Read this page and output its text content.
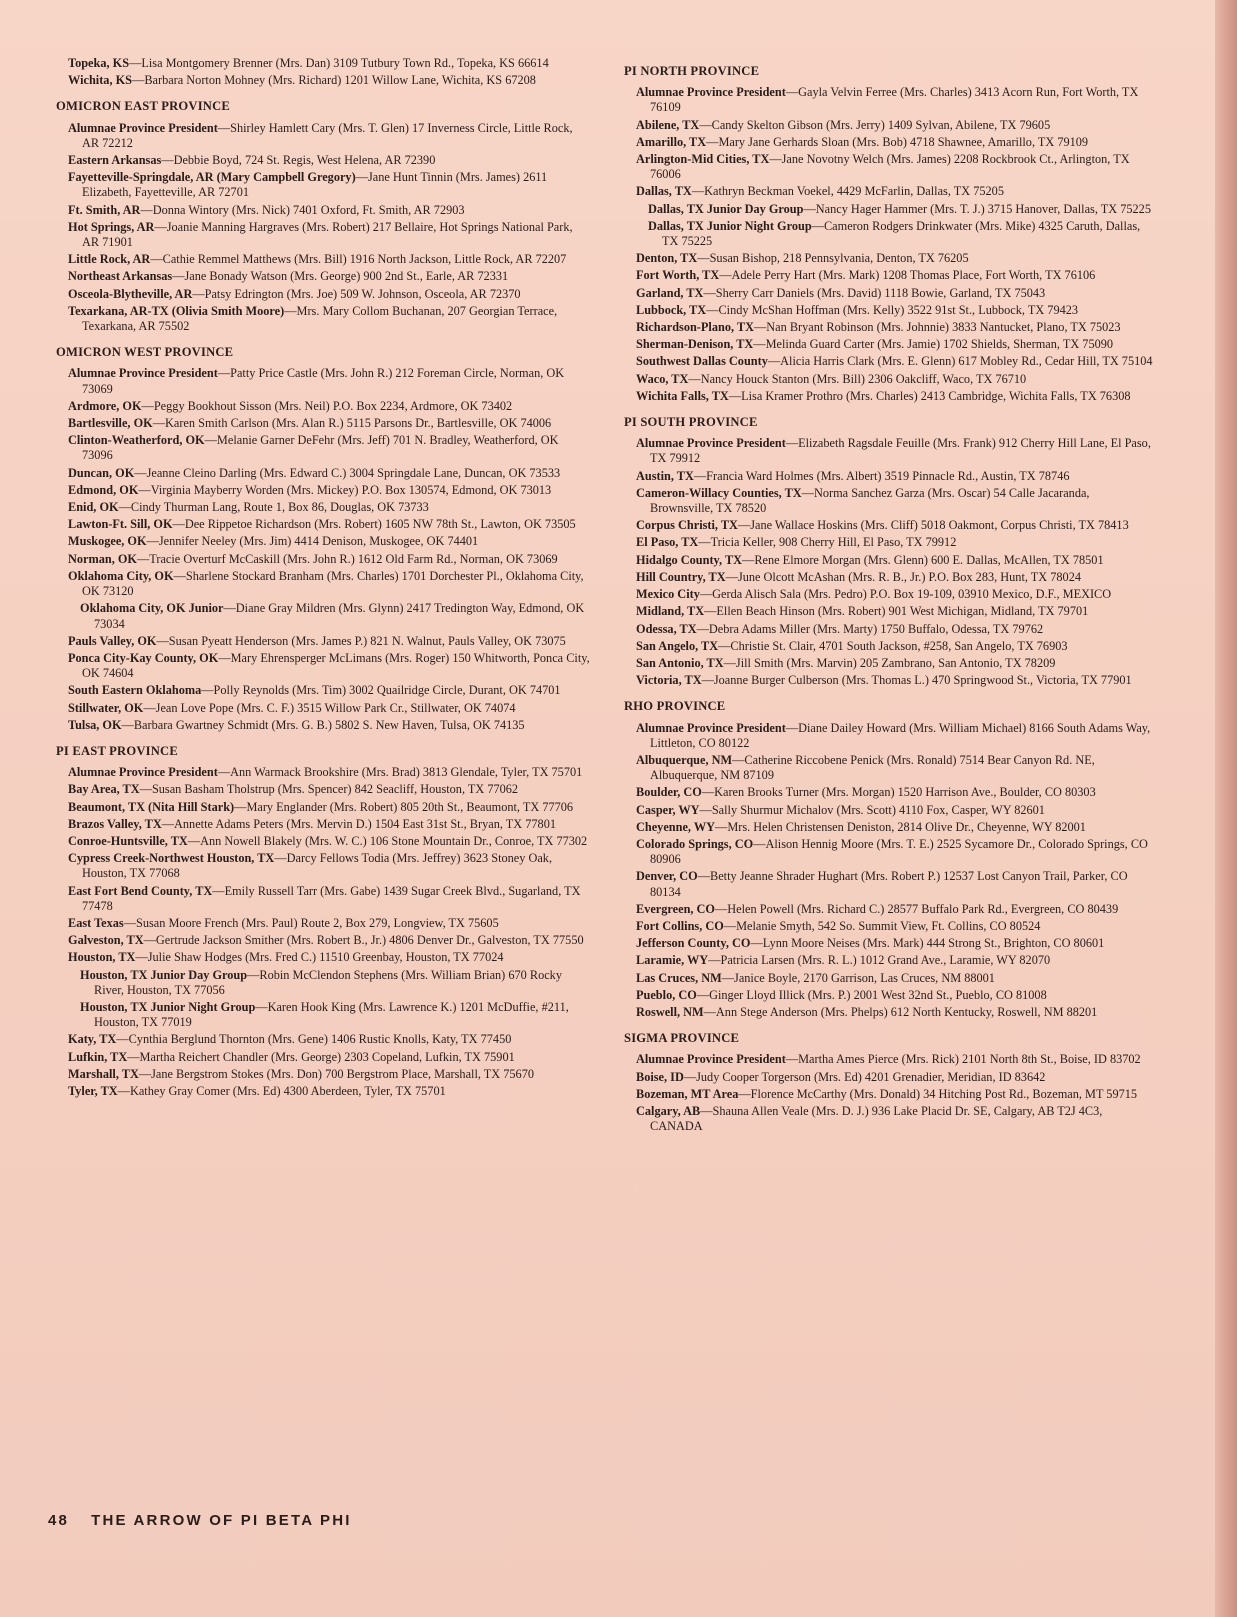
Topeka, KS—Lisa Montgomery Brenner (Mrs. Dan) 3109 Tutbury Town Rd., Topeka, KS 66614
Wichita, KS—Barbara Norton Mohney (Mrs. Richard) 1201 Willow Lane, Wichita, KS 67208
OMICRON EAST PROVINCE
Alumnae Province President—Shirley Hamlett Cary (Mrs. T. Glen) 17 Inverness Circle, Little Rock, AR 72212
Eastern Arkansas—Debbie Boyd, 724 St. Regis, West Helena, AR 72390
Fayetteville-Springdale, AR (Mary Campbell Gregory)—Jane Hunt Tinnin (Mrs. James) 2611 Elizabeth, Fayetteville, AR 72701
Ft. Smith, AR—Donna Wintory (Mrs. Nick) 7401 Oxford, Ft. Smith, AR 72903
Hot Springs, AR—Joanie Manning Hargraves (Mrs. Robert) 217 Bellaire, Hot Springs National Park, AR 71901
Little Rock, AR—Cathie Remmel Matthews (Mrs. Bill) 1916 North Jackson, Little Rock, AR 72207
Northeast Arkansas—Jane Bonady Watson (Mrs. George) 900 2nd St., Earle, AR 72331
Osceola-Blytheville, AR—Patsy Edrington (Mrs. Joe) 509 W. Johnson, Osceola, AR 72370
Texarkana, AR-TX (Olivia Smith Moore)—Mrs. Mary Collom Buchanan, 207 Georgian Terrace, Texarkana, AR 75502
OMICRON WEST PROVINCE
Alumnae Province President—Patty Price Castle (Mrs. John R.) 212 Foreman Circle, Norman, OK 73069
Ardmore, OK—Peggy Bookhout Sisson (Mrs. Neil) P.O. Box 2234, Ardmore, OK 73402
Bartlesville, OK—Karen Smith Carlson (Mrs. Alan R.) 5115 Parsons Dr., Bartlesville, OK 74006
Clinton-Weatherford, OK—Melanie Garner DeFehr (Mrs. Jeff) 701 N. Bradley, Weatherford, OK 73096
Duncan, OK—Jeanne Cleino Darling (Mrs. Edward C.) 3004 Springdale Lane, Duncan, OK 73533
Edmond, OK—Virginia Mayberry Worden (Mrs. Mickey) P.O. Box 130574, Edmond, OK 73013
Enid, OK—Cindy Thurman Lang, Route 1, Box 86, Douglas, OK 73733
Lawton-Ft. Sill, OK—Dee Rippetoe Richardson (Mrs. Robert) 1605 NW 78th St., Lawton, OK 73505
Muskogee, OK—Jennifer Neeley (Mrs. Jim) 4414 Denison, Muskogee, OK 74401
Norman, OK—Tracie Overturf McCaskill (Mrs. John R.) 1612 Old Farm Rd., Norman, OK 73069
Oklahoma City, OK—Sharlene Stockard Branham (Mrs. Charles) 1701 Dorchester Pl., Oklahoma City, OK 73120
Oklahoma City, OK Junior—Diane Gray Mildren (Mrs. Glynn) 2417 Tredington Way, Edmond, OK 73034
Pauls Valley, OK—Susan Pyeatt Henderson (Mrs. James P.) 821 N. Walnut, Pauls Valley, OK 73075
Ponca City-Kay County, OK—Mary Ehrensperger McLimans (Mrs. Roger) 150 Whitworth, Ponca City, OK 74604
South Eastern Oklahoma—Polly Reynolds (Mrs. Tim) 3002 Quailridge Circle, Durant, OK 74701
Stillwater, OK—Jean Love Pope (Mrs. C. F.) 3515 Willow Park Cr., Stillwater, OK 74074
Tulsa, OK—Barbara Gwartney Schmidt (Mrs. G. B.) 5802 S. New Haven, Tulsa, OK 74135
PI EAST PROVINCE
Alumnae Province President—Ann Warmack Brookshire (Mrs. Brad) 3813 Glendale, Tyler, TX 75701
Bay Area, TX—Susan Basham Tholstrup (Mrs. Spencer) 842 Seacliff, Houston, TX 77062
Beaumont, TX (Nita Hill Stark)—Mary Englander (Mrs. Robert) 805 20th St., Beaumont, TX 77706
Brazos Valley, TX—Annette Adams Peters (Mrs. Mervin D.) 1504 East 31st St., Bryan, TX 77801
Conroe-Huntsville, TX—Ann Nowell Blakely (Mrs. W. C.) 106 Stone Mountain Dr., Conroe, TX 77302
Cypress Creek-Northwest Houston, TX—Darcy Fellows Todia (Mrs. Jeffrey) 3623 Stoney Oak, Houston, TX 77068
East Fort Bend County, TX—Emily Russell Tarr (Mrs. Gabe) 1439 Sugar Creek Blvd., Sugarland, TX 77478
East Texas—Susan Moore French (Mrs. Paul) Route 2, Box 279, Longview, TX 75605
Galveston, TX—Gertrude Jackson Smither (Mrs. Robert B., Jr.) 4806 Denver Dr., Galveston, TX 77550
Houston, TX—Julie Shaw Hodges (Mrs. Fred C.) 11510 Greenbay, Houston, TX 77024
Houston, TX Junior Day Group—Robin McClendon Stephens (Mrs. William Brian) 670 Rocky River, Houston, TX 77056
Houston, TX Junior Night Group—Karen Hook King (Mrs. Lawrence K.) 1201 McDuffie, #211, Houston, TX 77019
Katy, TX—Cynthia Berglund Thornton (Mrs. Gene) 1406 Rustic Knolls, Katy, TX 77450
Lufkin, TX—Martha Reichert Chandler (Mrs. George) 2303 Copeland, Lufkin, TX 75901
Marshall, TX—Jane Bergstrom Stokes (Mrs. Don) 700 Bergstrom Place, Marshall, TX 75670
Tyler, TX—Kathey Gray Comer (Mrs. Ed) 4300 Aberdeen, Tyler, TX 75701
PI NORTH PROVINCE
Alumnae Province President—Gayla Velvin Ferree (Mrs. Charles) 3413 Acorn Run, Fort Worth, TX 76109
Abilene, TX—Candy Skelton Gibson (Mrs. Jerry) 1409 Sylvan, Abilene, TX 79605
Amarillo, TX—Mary Jane Gerhards Sloan (Mrs. Bob) 4718 Shawnee, Amarillo, TX 79109
Arlington-Mid Cities, TX—Jane Novotny Welch (Mrs. James) 2208 Rockbrook Ct., Arlington, TX 76006
Dallas, TX—Kathryn Beckman Voekel, 4429 McFarlin, Dallas, TX 75205
Dallas, TX Junior Day Group—Nancy Hager Hammer (Mrs. T. J.) 3715 Hanover, Dallas, TX 75225
Dallas, TX Junior Night Group—Cameron Rodgers Drinkwater (Mrs. Mike) 4325 Caruth, Dallas, TX 75225
Denton, TX—Susan Bishop, 218 Pennsylvania, Denton, TX 76205
Fort Worth, TX—Adele Perry Hart (Mrs. Mark) 1208 Thomas Place, Fort Worth, TX 76106
Garland, TX—Sherry Carr Daniels (Mrs. David) 1118 Bowie, Garland, TX 75043
Lubbock, TX—Cindy McShan Hoffman (Mrs. Kelly) 3522 91st St., Lubbock, TX 79423
Richardson-Plano, TX—Nan Bryant Robinson (Mrs. Johnnie) 3833 Nantucket, Plano, TX 75023
Sherman-Denison, TX—Melinda Guard Carter (Mrs. Jamie) 1702 Shields, Sherman, TX 75090
Southwest Dallas County—Alicia Harris Clark (Mrs. E. Glenn) 617 Mobley Rd., Cedar Hill, TX 75104
Waco, TX—Nancy Houck Stanton (Mrs. Bill) 2306 Oakcliff, Waco, TX 76710
Wichita Falls, TX—Lisa Kramer Prothro (Mrs. Charles) 2413 Cambridge, Wichita Falls, TX 76308
PI SOUTH PROVINCE
Alumnae Province President—Elizabeth Ragsdale Feuille (Mrs. Frank) 912 Cherry Hill Lane, El Paso, TX 79912
Austin, TX—Francia Ward Holmes (Mrs. Albert) 3519 Pinnacle Rd., Austin, TX 78746
Cameron-Willacy Counties, TX—Norma Sanchez Garza (Mrs. Oscar) 54 Calle Jacaranda, Brownsville, TX 78520
Corpus Christi, TX—Jane Wallace Hoskins (Mrs. Cliff) 5018 Oakmont, Corpus Christi, TX 78413
El Paso, TX—Tricia Keller, 908 Cherry Hill, El Paso, TX 79912
Hidalgo County, TX—Rene Elmore Morgan (Mrs. Glenn) 600 E. Dallas, McAllen, TX 78501
Hill Country, TX—June Olcott McAshan (Mrs. R. B., Jr.) P.O. Box 283, Hunt, TX 78024
Mexico City—Gerda Alisch Sala (Mrs. Pedro) P.O. Box 19-109, 03910 Mexico, D.F., MEXICO
Midland, TX—Ellen Beach Hinson (Mrs. Robert) 901 West Michigan, Midland, TX 79701
Odessa, TX—Debra Adams Miller (Mrs. Marty) 1750 Buffalo, Odessa, TX 79762
San Angelo, TX—Christie St. Clair, 4701 South Jackson, #258, San Angelo, TX 76903
San Antonio, TX—Jill Smith (Mrs. Marvin) 205 Zambrano, San Antonio, TX 78209
Victoria, TX—Joanne Burger Culberson (Mrs. Thomas L.) 470 Springwood St., Victoria, TX 77901
RHO PROVINCE
Alumnae Province President—Diane Dailey Howard (Mrs. William Michael) 8166 South Adams Way, Littleton, CO 80122
Albuquerque, NM—Catherine Riccobene Penick (Mrs. Ronald) 7514 Bear Canyon Rd. NE, Albuquerque, NM 87109
Boulder, CO—Karen Brooks Turner (Mrs. Morgan) 1520 Harrison Ave., Boulder, CO 80303
Casper, WY—Sally Shurmur Michalov (Mrs. Scott) 4110 Fox, Casper, WY 82601
Cheyenne, WY—Mrs. Helen Christensen Deniston, 2814 Olive Dr., Cheyenne, WY 82001
Colorado Springs, CO—Alison Hennig Moore (Mrs. T. E.) 2525 Sycamore Dr., Colorado Springs, CO 80906
Denver, CO—Betty Jeanne Shrader Hughart (Mrs. Robert P.) 12537 Lost Canyon Trail, Parker, CO 80134
Evergreen, CO—Helen Powell (Mrs. Richard C.) 28577 Buffalo Park Rd., Evergreen, CO 80439
Fort Collins, CO—Melanie Smyth, 542 So. Summit View, Ft. Collins, CO 80524
Jefferson County, CO—Lynn Moore Neises (Mrs. Mark) 444 Strong St., Brighton, CO 80601
Laramie, WY—Patricia Larsen (Mrs. R. L.) 1012 Grand Ave., Laramie, WY 82070
Las Cruces, NM—Janice Boyle, 2170 Garrison, Las Cruces, NM 88001
Pueblo, CO—Ginger Lloyd Illick (Mrs. P.) 2001 West 32nd St., Pueblo, CO 81008
Roswell, NM—Ann Stege Anderson (Mrs. Phelps) 612 North Kentucky, Roswell, NM 88201
SIGMA PROVINCE
Alumnae Province President—Martha Ames Pierce (Mrs. Rick) 2101 North 8th St., Boise, ID 83702
Boise, ID—Judy Cooper Torgerson (Mrs. Ed) 4201 Grenadier, Meridian, ID 83642
Bozeman, MT Area—Florence McCarthy (Mrs. Donald) 34 Hitching Post Rd., Bozeman, MT 59715
Calgary, AB—Shauna Allen Veale (Mrs. D. J.) 936 Lake Placid Dr. SE, Calgary, AB T2J 4C3, CANADA
48 THE ARROW OF PI BETA PHI
